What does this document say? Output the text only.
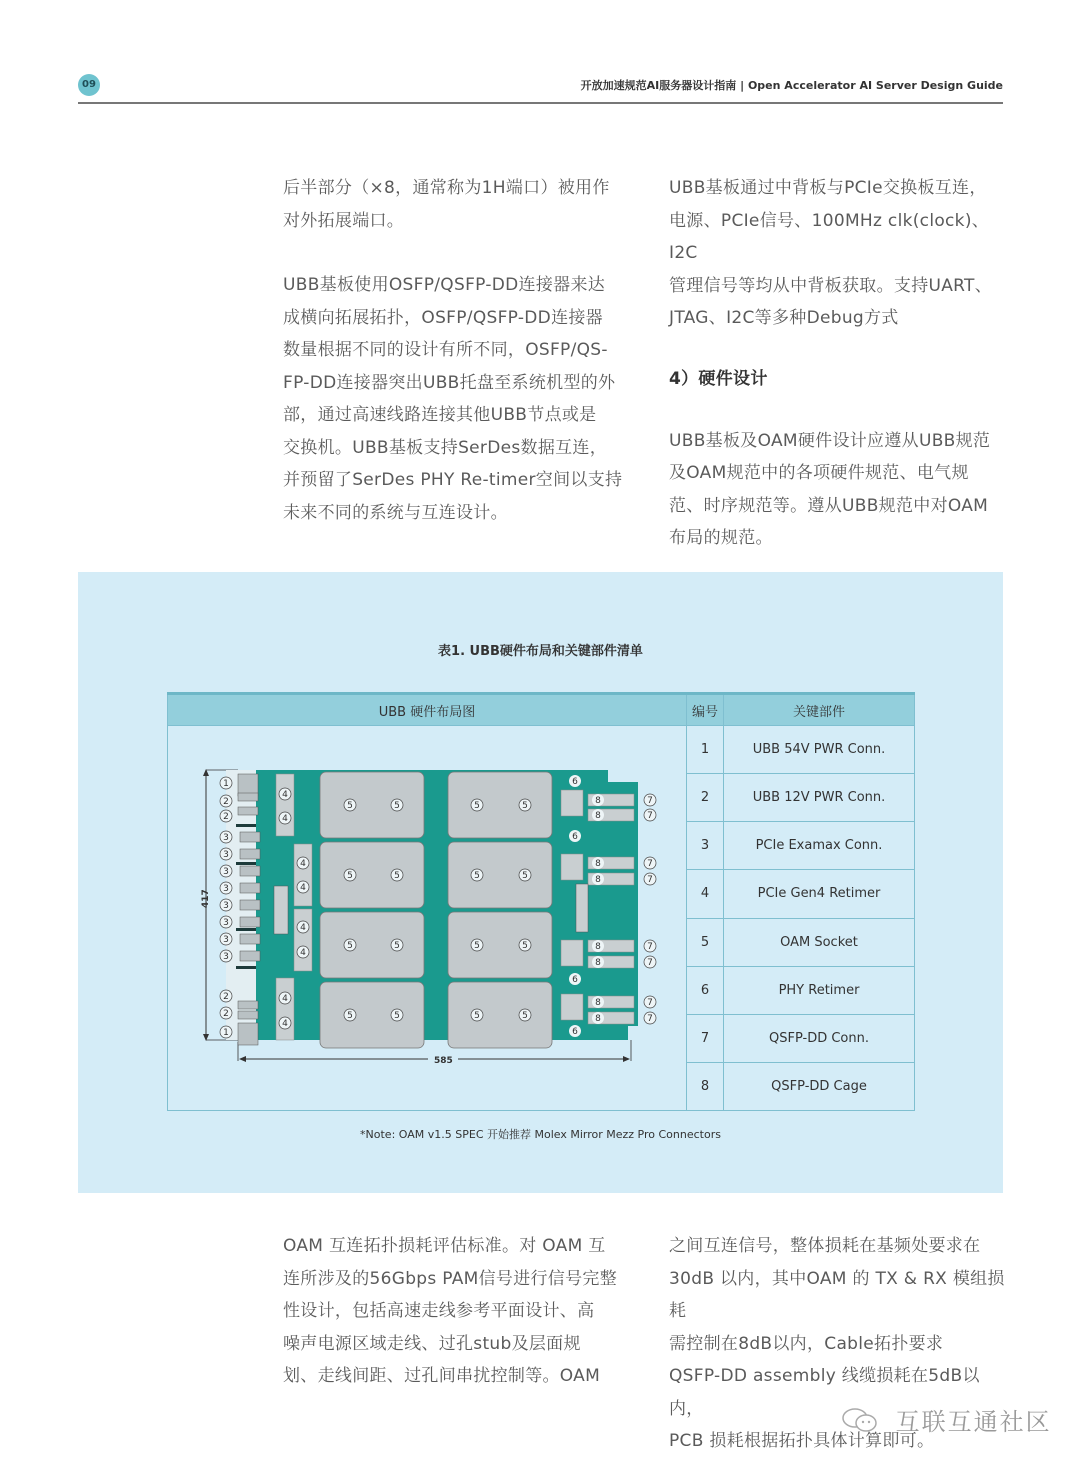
09	开放加速规范AI服务器设计指南 | Open Accelerator AI Server Design Guide

后半部分（×8，通常称为1H端口）被用作

对外拓展端口。

UBB基板使用OSFP/QSFP-DD连接器来达

成横向拓展拓扑，OSFP/QSFP-DD连接器

数量根据不同的设计有所不同，OSFP/QS-

FP-DD连接器突出UBB托盘至系统机型的外

部，通过高速线路连接其他UBB节点或是

交换机。UBB基板支持SerDes数据互连，

并预留了SerDes PHY Re-timer空间以支持

未来不同的系统与互连设计。

UBB基板通过中背板与PCIe交换板互连，

电源、PCIe信号、100MHz clk(clock)、I2C

管理信号等均从中背板获取。支持UART、

JTAG、I2C等多种Debug方式

4）硬件设计

UBB基板及OAM硬件设计应遵从UBB规范

及OAM规范中的各项硬件规范、电气规

范、时序规范等。遵从UBB规范中对OAM

布局的规范。

表1. UBB硬件布局和关键部件清单
UBB 硬件布局图	编号	关键部件

417
585
1
2
2
3
3
3
3
3
3
3
3
2
2
1
4
4
4
4
4
4
4
4
5	5	5	5
5	5	5	5
5	5	5	5
5	5	5	5
6
6
6
6
8
8
8
8
8
8
8
8
7
7
7
7
7
7
7
7
	1	UBB 54V PWR Conn.
	2	UBB 12V PWR Conn.
	3	PCIe Examax Conn.
	4	PCIe Gen4 Retimer
	5	OAM Socket
	6	PHY Retimer
	7	QSFP-DD Conn.
	8	QSFP-DD Cage
*Note: OAM v1.5 SPEC 开始推荐 Molex Mirror Mezz Pro Connectors

OAM 互连拓扑损耗评估标准。对 OAM 互

连所涉及的56Gbps PAM信号进行信号完整

性设计，包括高速走线参考平面设计、高

噪声电源区域走线、过孔stub及层面规

划、走线间距、过孔间串扰控制等。OAM

之间互连信号，整体损耗在基频处要求在

30dB 以内，其中OAM 的 TX & RX 模组损耗

需控制在8dB以内，Cable拓扑要求

QSFP-DD assembly 线缆损耗在5dB以内，

PCB 损耗根据拓扑具体计算即可。

互联互通社区
